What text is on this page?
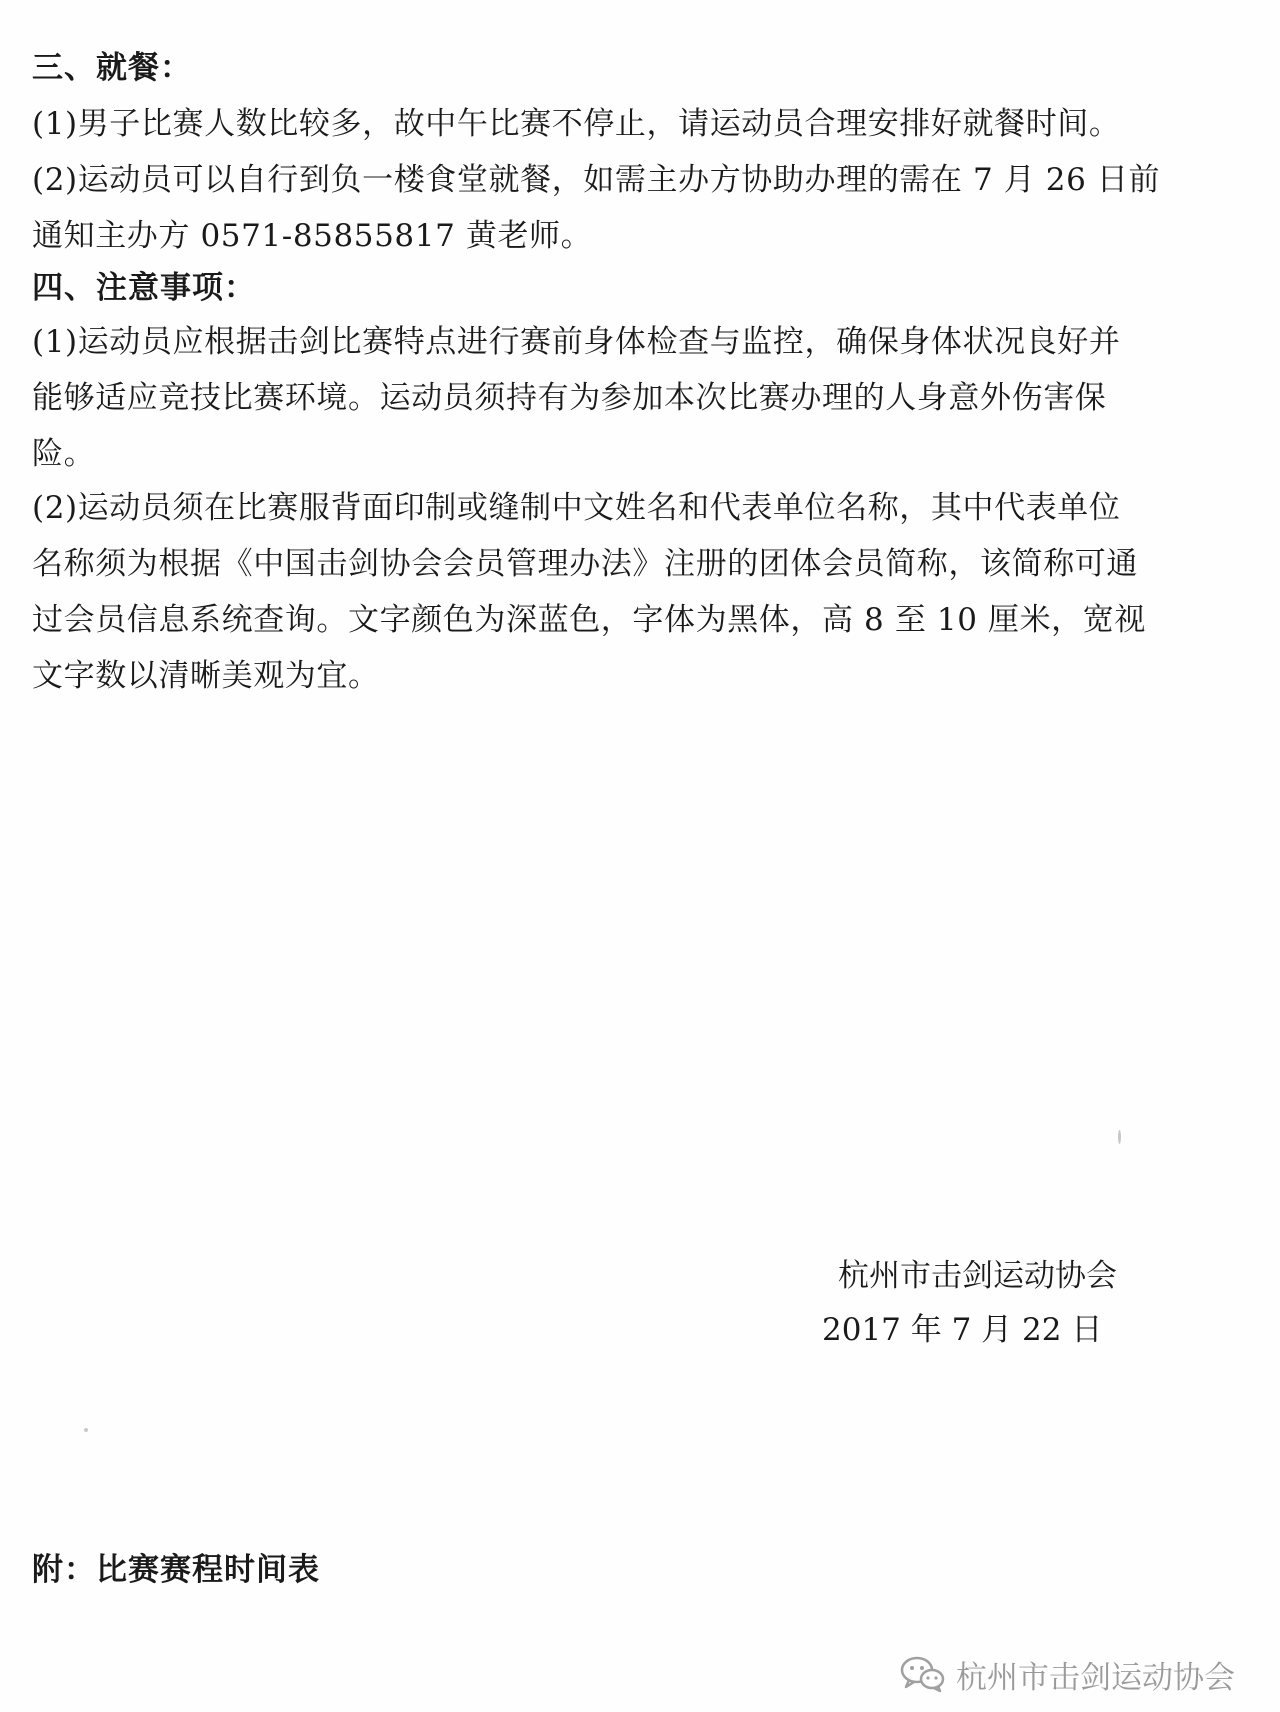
三、就餐：
(1)男子比赛人数比较多，故中午比赛不停止，请运动员合理安排好就餐时间。
(2)运动员可以自行到负一楼食堂就餐，如需主办方协助办理的需在 7 月 26 日前
通知主办方 0571-85855817 黄老师。
四、注意事项：
(1)运动员应根据击剑比赛特点进行赛前身体检查与监控，确保身体状况良好并
能够适应竞技比赛环境。运动员须持有为参加本次比赛办理的人身意外伤害保
险。
(2)运动员须在比赛服背面印制或缝制中文姓名和代表单位名称，其中代表单位
名称须为根据《中国击剑协会会员管理办法》注册的团体会员简称，该简称可通
过会员信息系统查询。文字颜色为深蓝色，字体为黑体，高 8 至 10 厘米，宽视
文字数以清晰美观为宜。
杭州市击剑运动协会
2017 年 7 月 22 日
附：比赛赛程时间表
杭州市击剑运动协会
